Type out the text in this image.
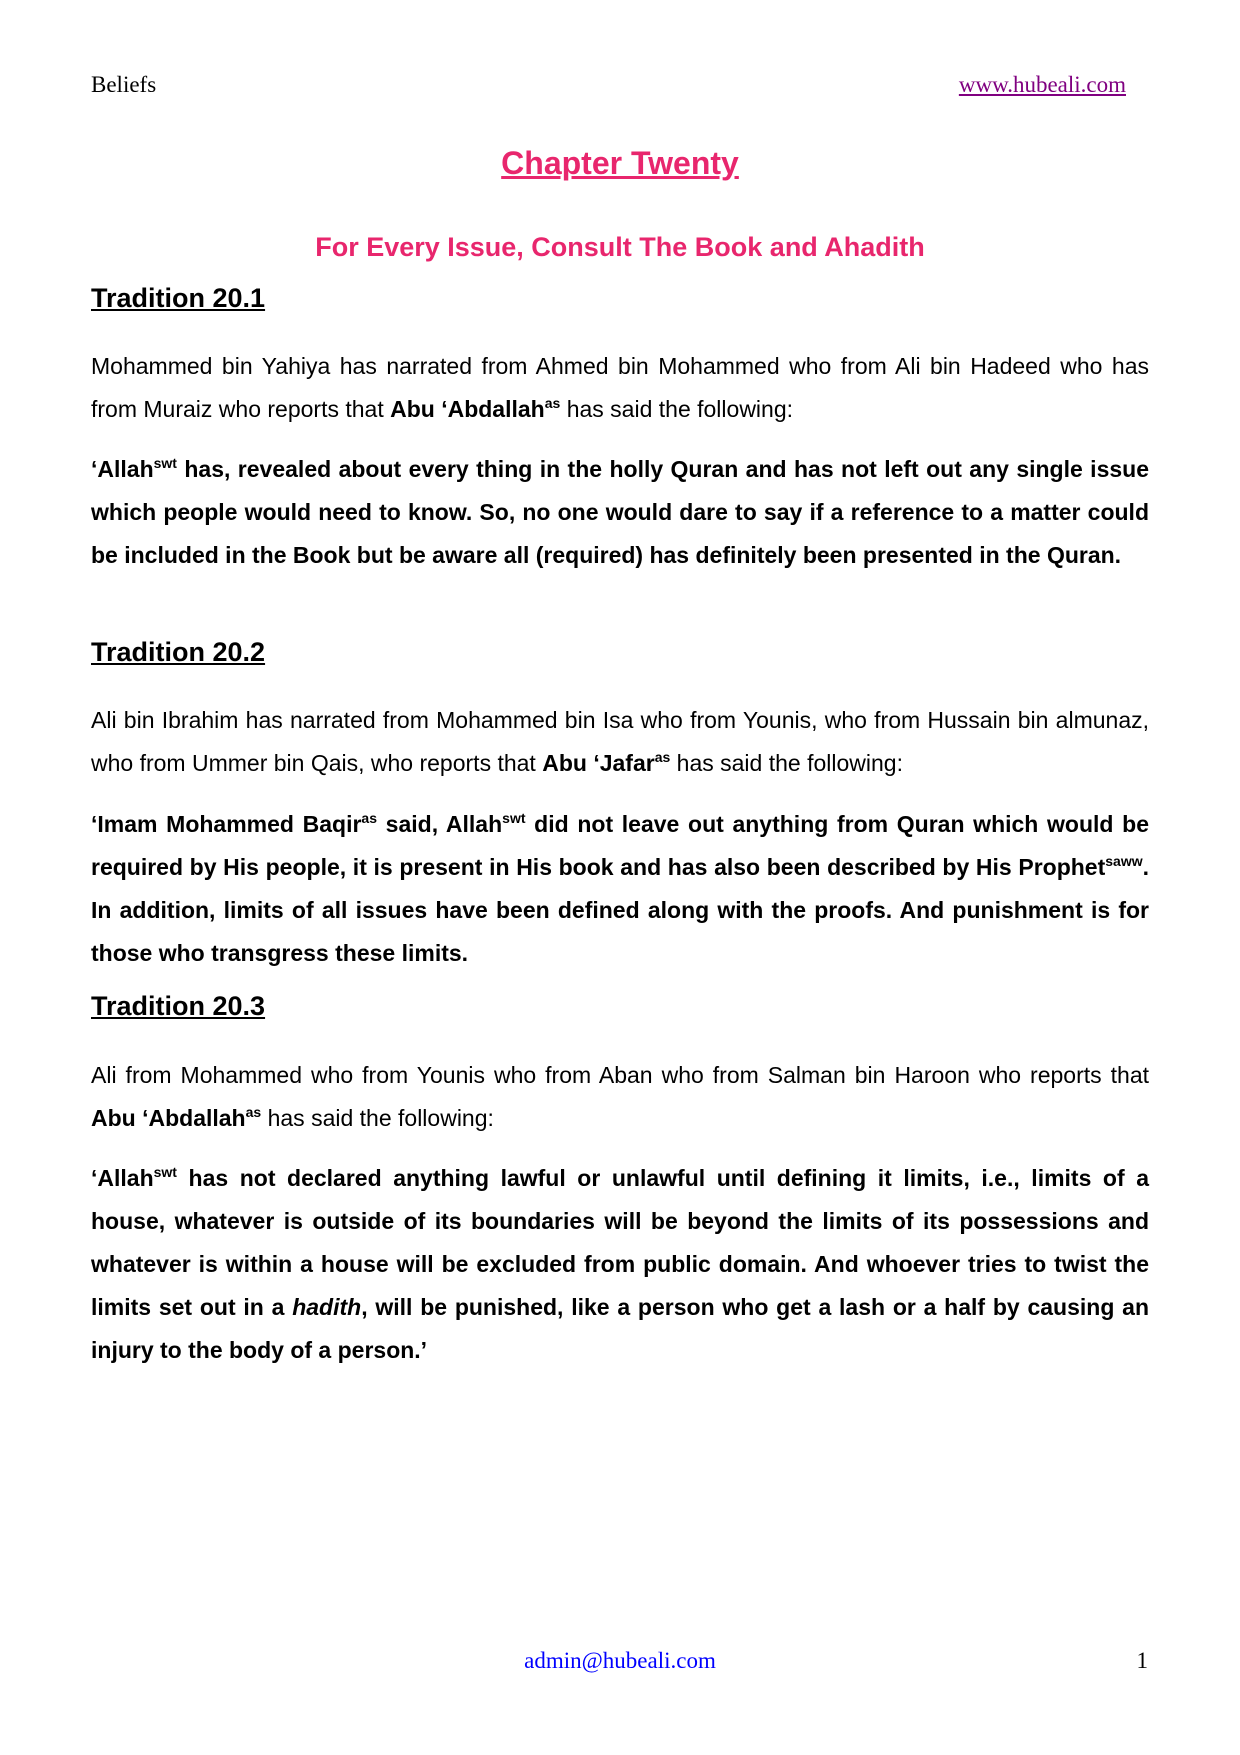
Beliefs	www.hubeali.com
Chapter Twenty
For Every Issue, Consult The Book and Ahadith

Tradition 20.1

Mohammed bin Yahiya has narrated from Ahmed bin Mohammed who from Ali bin Hadeed who has from Muraiz who reports that Abu ‘Abdallah$^{as}$ has said the following:

‘Allah$^{swt}$ has, revealed about every thing in the holly Quran and has not left out any single issue which people would need to know. So, no one would dare to say if a reference to a matter could be included in the Book but be aware all (required) has definitely been presented in the Quran.

Tradition 20.2

Ali bin Ibrahim has narrated from Mohammed bin Isa who from Younis, who from Hussain bin almunaz, who from Ummer bin Qais, who reports that Abu ‘Jafar$^{as}$ has said the following:

‘Imam Mohammed Baqir$^{as}$ said, Allah$^{swt}$ did not leave out anything from Quran which would be required by His people, it is present in His book and has also been described by His Prophet$^{saww}$. In addition, limits of all issues have been defined along with the proofs. And punishment is for those who transgress these limits.

Tradition 20.3

Ali from Mohammed who from Younis who from Aban who from Salman bin Haroon who reports that Abu ‘Abdallah$^{as}$ has said the following:

‘Allah$^{swt}$ has not declared anything lawful or unlawful until defining it limits, i.e., limits of a house, whatever is outside of its boundaries will be beyond the limits of its possessions and whatever is within a house will be excluded from public domain. And whoever tries to twist the limits set out in a hadith, will be punished, like a person who get a lash or a half by causing an injury to the body of a person.’

admin@hubeali.com	1
